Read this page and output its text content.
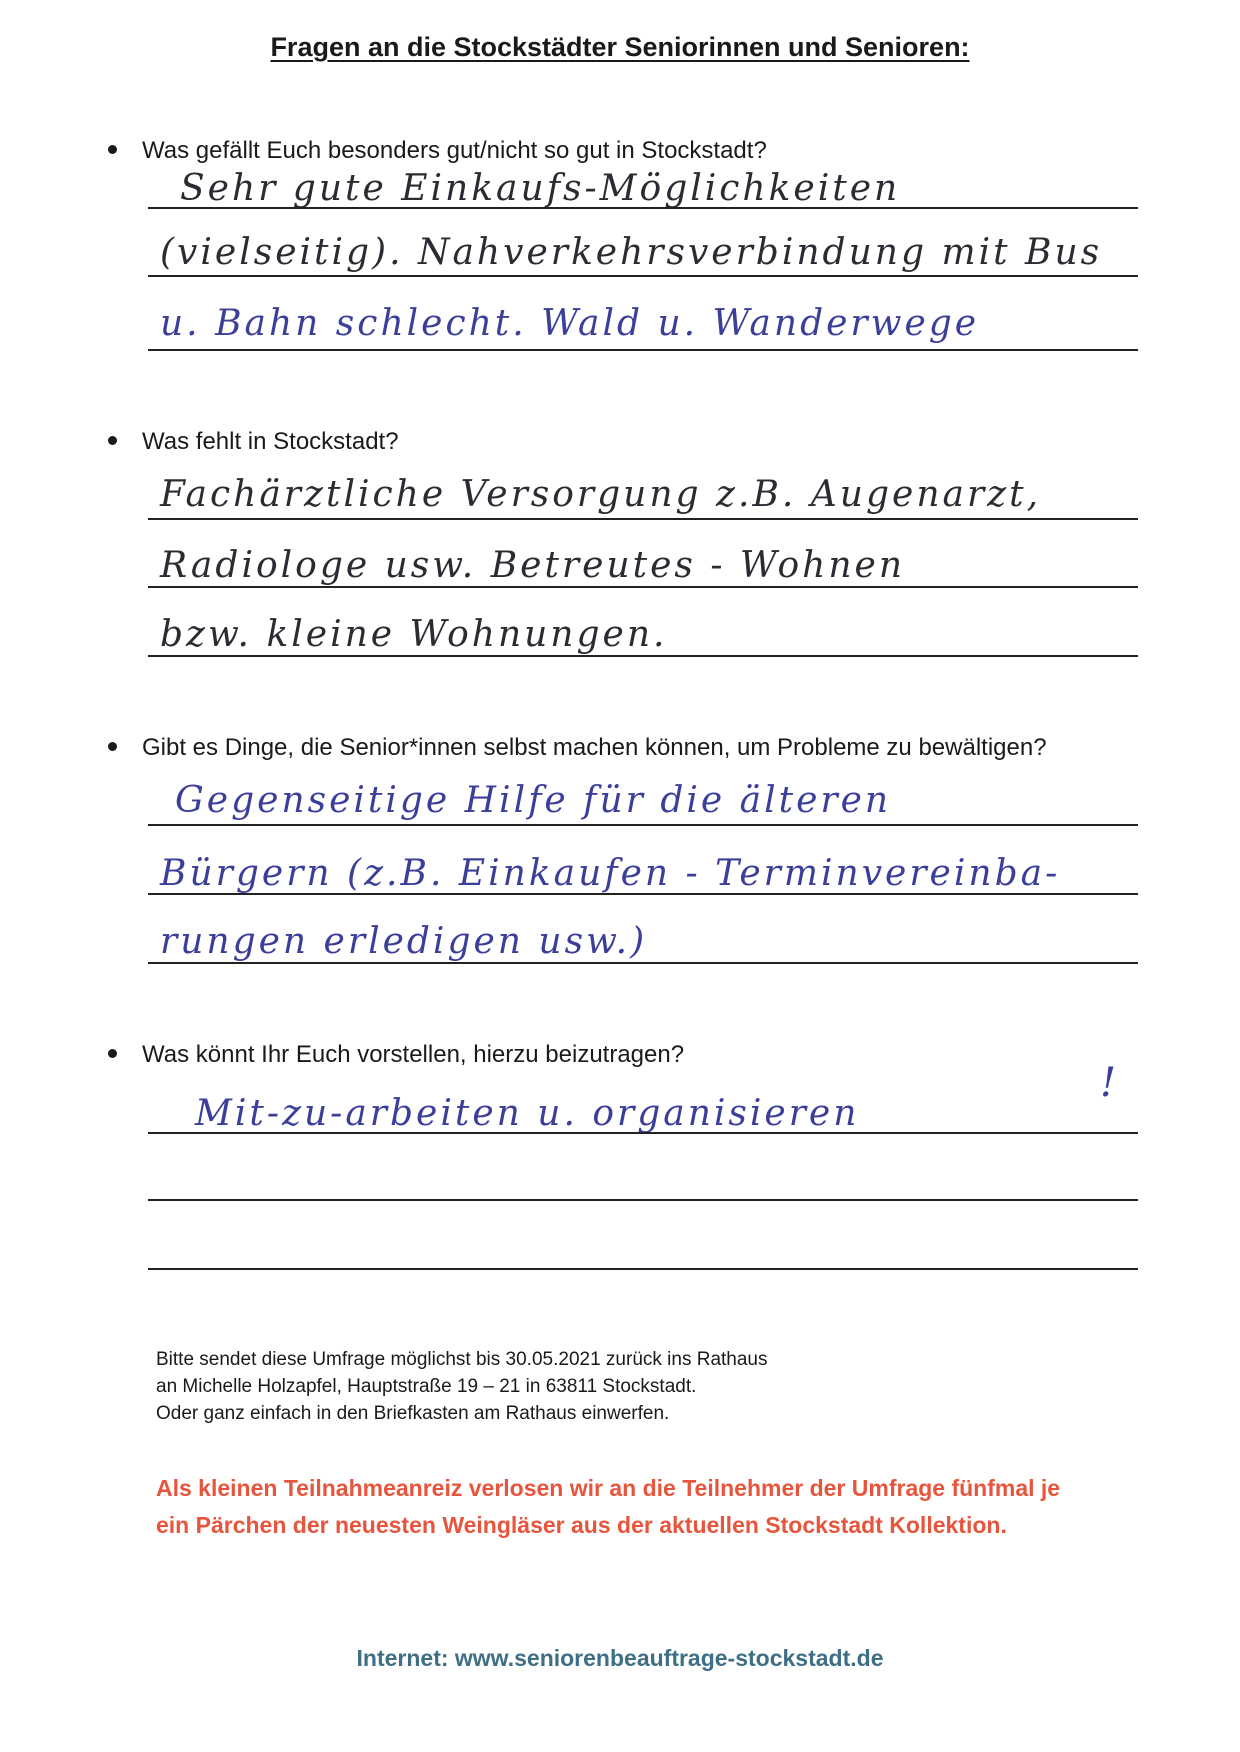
Fragen an die Stockstädter Seniorinnen und Senioren:
Was gefällt Euch besonders gut/nicht so gut in Stockstadt?
Sehr gute Einkaufs-Möglichkeiten
(vielseitig). Nahverkehrsverbindung mit Bus
u. Bahn schlecht. Wald u. Wanderwege
Was fehlt in Stockstadt?
Fachärztliche Versorgung z.B. Augenarzt,
Radiologe usw. Betreutes - Wohnen
bzw. kleine Wohnungen.
Gibt es Dinge, die Senior*innen selbst machen können, um Probleme zu bewältigen?
Gegenseitige Hilfe für die älteren
Bürgern (z.B. Einkaufen - Terminvereinba-
rungen erledigen usw.)
Was könnt Ihr Euch vorstellen, hierzu beizutragen?
Mit-zu-arbeiten u. organisieren
!
Bitte sendet diese Umfrage möglichst bis 30.05.2021 zurück ins Rathaus
an Michelle Holzapfel, Hauptstraße 19 – 21 in 63811 Stockstadt.
Oder ganz einfach in den Briefkasten am Rathaus einwerfen.
Als kleinen Teilnahmeanreiz verlosen wir an die Teilnehmer der Umfrage fünfmal je
ein Pärchen der neuesten Weingläser aus der aktuellen Stockstadt Kollektion.
Internet: www.seniorenbeauftrage-stockstadt.de
